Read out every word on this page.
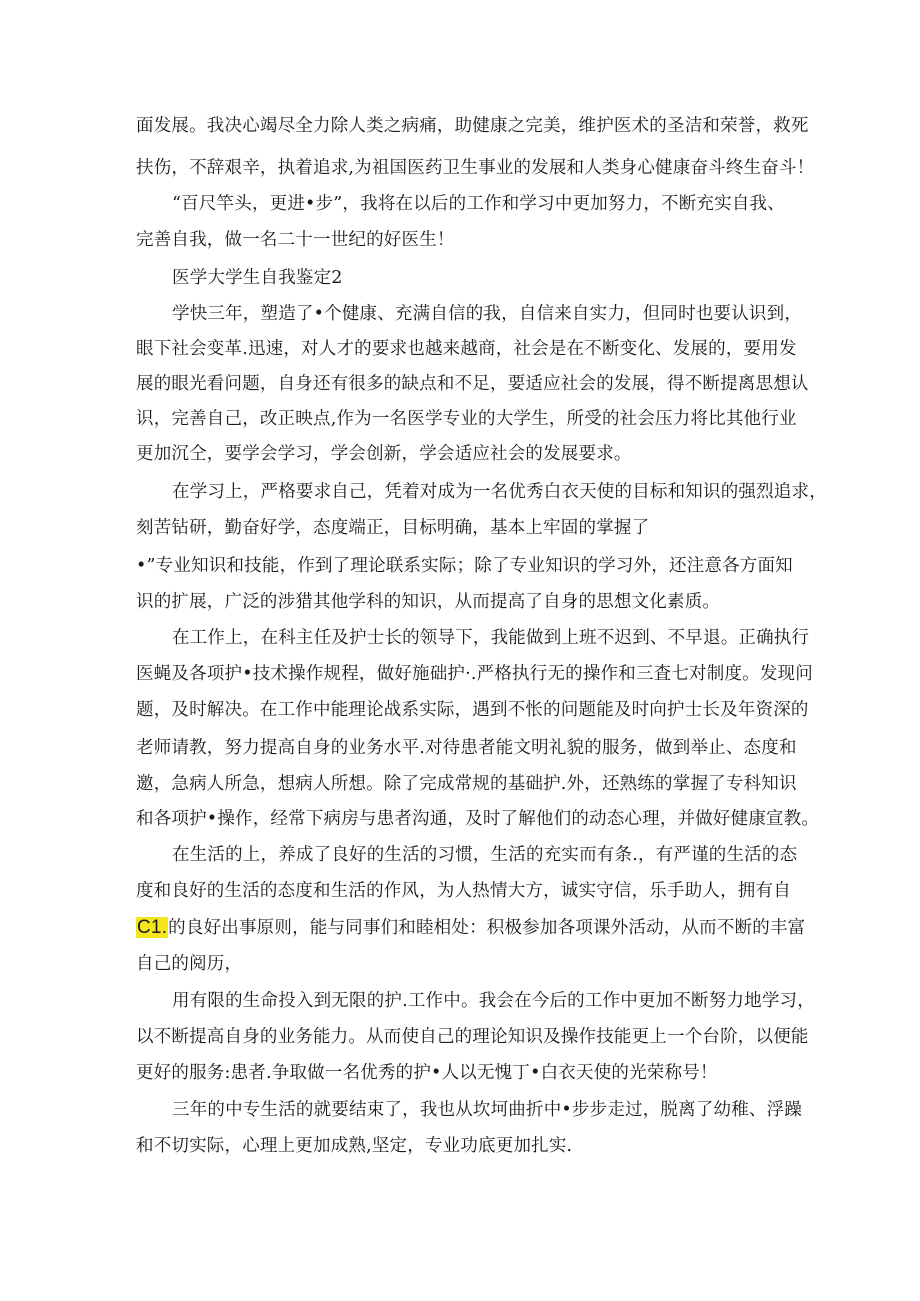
面发展。我决心竭尽全力除人类之病痛，助健康之完美，维护医术的圣洁和荣誉，救死
扶伤，不辞艰辛，执着追求,为祖国医药卫生事业的发展和人类身心健康奋斗终生奋斗！
“百尺竿头，更进•步”，我将在以后的工作和学习中更加努力，不断充实自我、
完善自我，做一名二十一世纪的好医生！
医学大学生自我鉴定2
学快三年，塑造了•个健康、充满自信的我，自信来自实力，但同时也要认识到，
眼下社会变革.迅速，对人才的要求也越来越商，社会是在不断变化、发展的，要用发
展的眼光看问题，自身还有很多的缺点和不足，要适应社会的发展，得不断提离思想认
识，完善自己，改正映点,作为一名医学专业的大学生，所受的社会压力将比其他行业
更加沉仝，要学会学习，学会创新，学会适应社会的发展要求。
在学习上，严格要求自己，凭着对成为一名优秀白衣天使的目标和知识的强烈追求，
刻苦钻研，勤奋好学，态度端正，目标明确，基本上牢固的掌握了
•”专业知识和技能，作到了理论联系实际；除了专业知识的学习外，还注意各方面知
识的扩展，广泛的涉猎其他学科的知识，从而提高了自身的思想文化素质。
在工作上，在科主任及护士长的领导下，我能做到上班不迟到、不早退。正确执行
医蝇及各项护•技术操作规程，做好施础护·.严格执行无的操作和三査七对制度。发现问
题，及时解决。在工作中能理论战系实际，遇到不怅的问题能及时向护士长及年资深的
老师请教，努力提高自身的业务水平.对待患者能文明礼貌的服务，做到举止、态度和
邀，急病人所急，想病人所想。除了完成常规的基础护.外，还熟练的掌握了专科知识
和各项护•操作，经常下病房与患者沟通，及时了解他们的动态心理，并做好健康宣教。
在生活的上，养成了良好的生活的习惯，生活的充实而有条.，有严谨的生活的态
度和良好的生活的态度和生活的作风，为人热情大方，诚实守信，乐手助人，拥有自
C1.的良好出事原则，能与同事们和睦相处：积极参加各项课外活动，从而不断的丰富
自己的阅历，
用有限的生命投入到无限的护.工作中。我会在今后的工作中更加不断努力地学习，
以不断提高自身的业务能力。从而使自己的理论知识及操作技能更上一个台阶，以便能
更好的服务:患者.争取做一名优秀的护•人以无愧丁•白衣天使的光荣称号！
三年的中专生活的就要结束了，我也从坎坷曲折中•步步走过，脱离了幼稚、浮躁
和不切实际，心理上更加成熟,坚定，专业功底更加扎实.
